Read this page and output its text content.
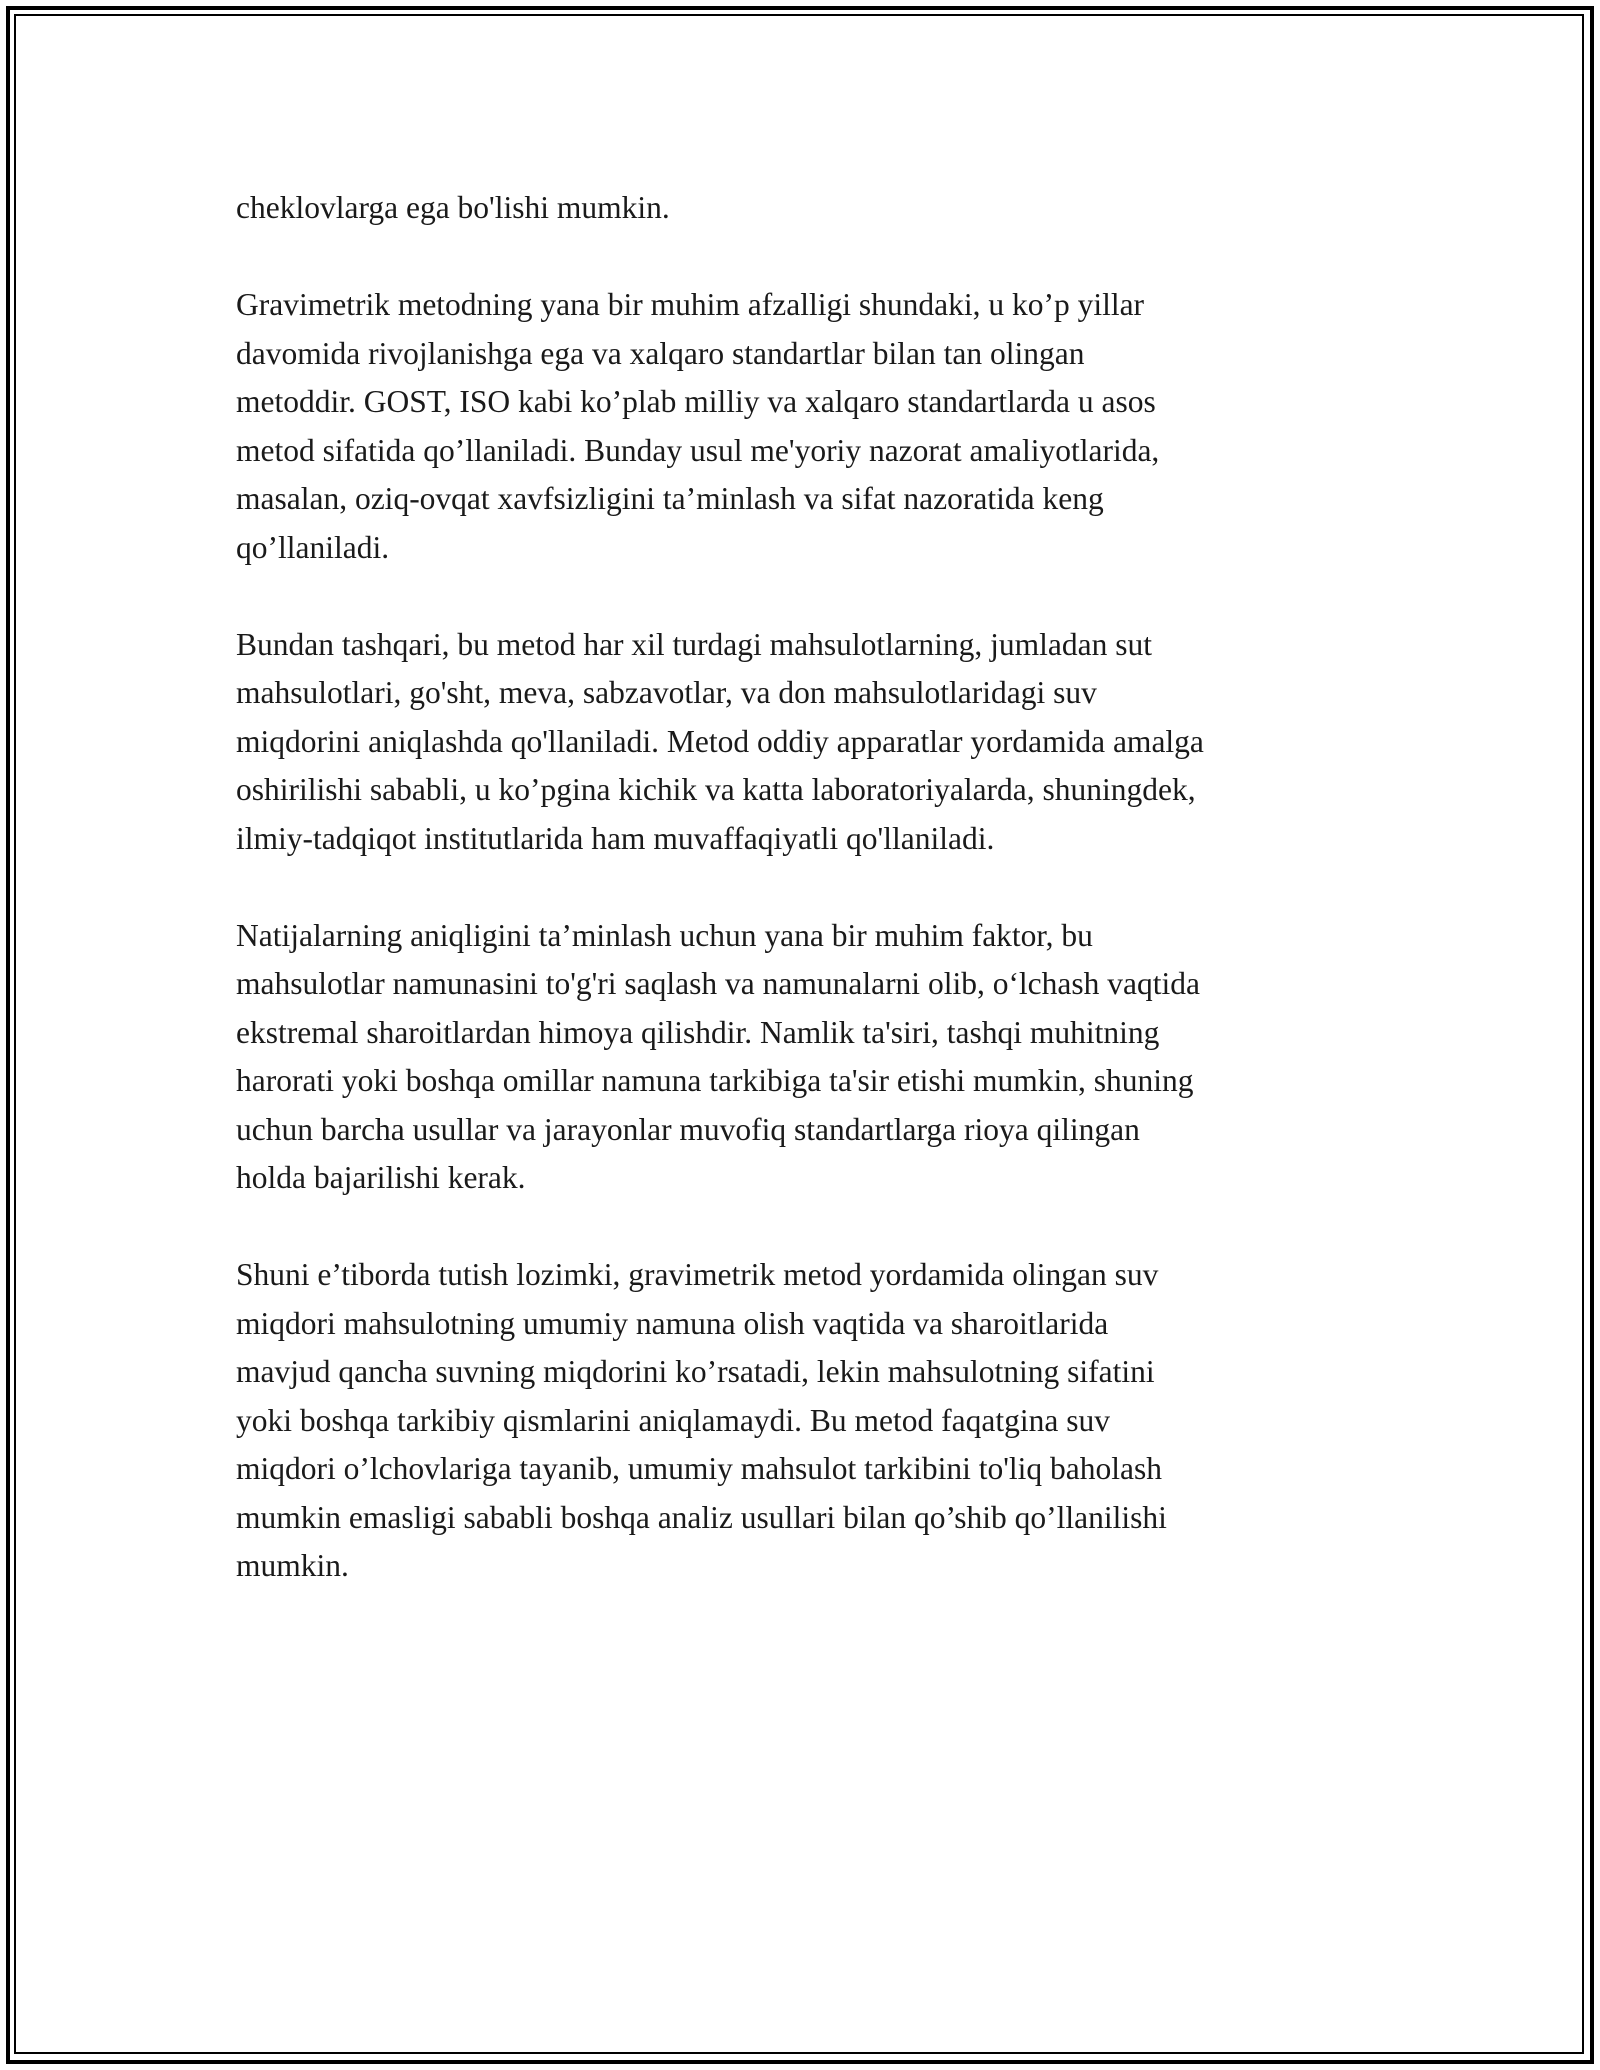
cheklovlarga ega bo'lishi mumkin.

Gravimetrik metodning yana bir muhim afzalligi shundaki, u ko’p yillar
davomida rivojlanishga ega va xalqaro standartlar bilan tan olingan
metoddir. GOST, ISO kabi ko’plab milliy va xalqaro standartlarda u asos
metod sifatida qo’llaniladi. Bunday usul me'yoriy nazorat amaliyotlarida,
masalan, oziq-ovqat xavfsizligini ta’minlash va sifat nazoratida keng
qo’llaniladi.

Bundan tashqari, bu metod har xil turdagi mahsulotlarning, jumladan sut
mahsulotlari, go'sht, meva, sabzavotlar, va don mahsulotlaridagi suv
miqdorini aniqlashda qo'llaniladi. Metod oddiy apparatlar yordamida amalga
oshirilishi sababli, u ko’pgina kichik va katta laboratoriyalarda, shuningdek,
ilmiy-tadqiqot institutlarida ham muvaffaqiyatli qo'llaniladi.

Natijalarning aniqligini ta’minlash uchun yana bir muhim faktor, bu
mahsulotlar namunasini to'g'ri saqlash va namunalarni olib, o‘lchash vaqtida
ekstremal sharoitlardan himoya qilishdir. Namlik ta'siri, tashqi muhitning
harorati yoki boshqa omillar namuna tarkibiga ta'sir etishi mumkin, shuning
uchun barcha usullar va jarayonlar muvofiq standartlarga rioya qilingan
holda bajarilishi kerak.

Shuni e’tiborda tutish lozimki, gravimetrik metod yordamida olingan suv
miqdori mahsulotning umumiy namuna olish vaqtida va sharoitlarida
mavjud qancha suvning miqdorini ko’rsatadi, lekin mahsulotning sifatini
yoki boshqa tarkibiy qismlarini aniqlamaydi. Bu metod faqatgina suv
miqdori o’lchovlariga tayanib, umumiy mahsulot tarkibini to'liq baholash
mumkin emasligi sababli boshqa analiz usullari bilan qo’shib qo’llanilishi
mumkin.
